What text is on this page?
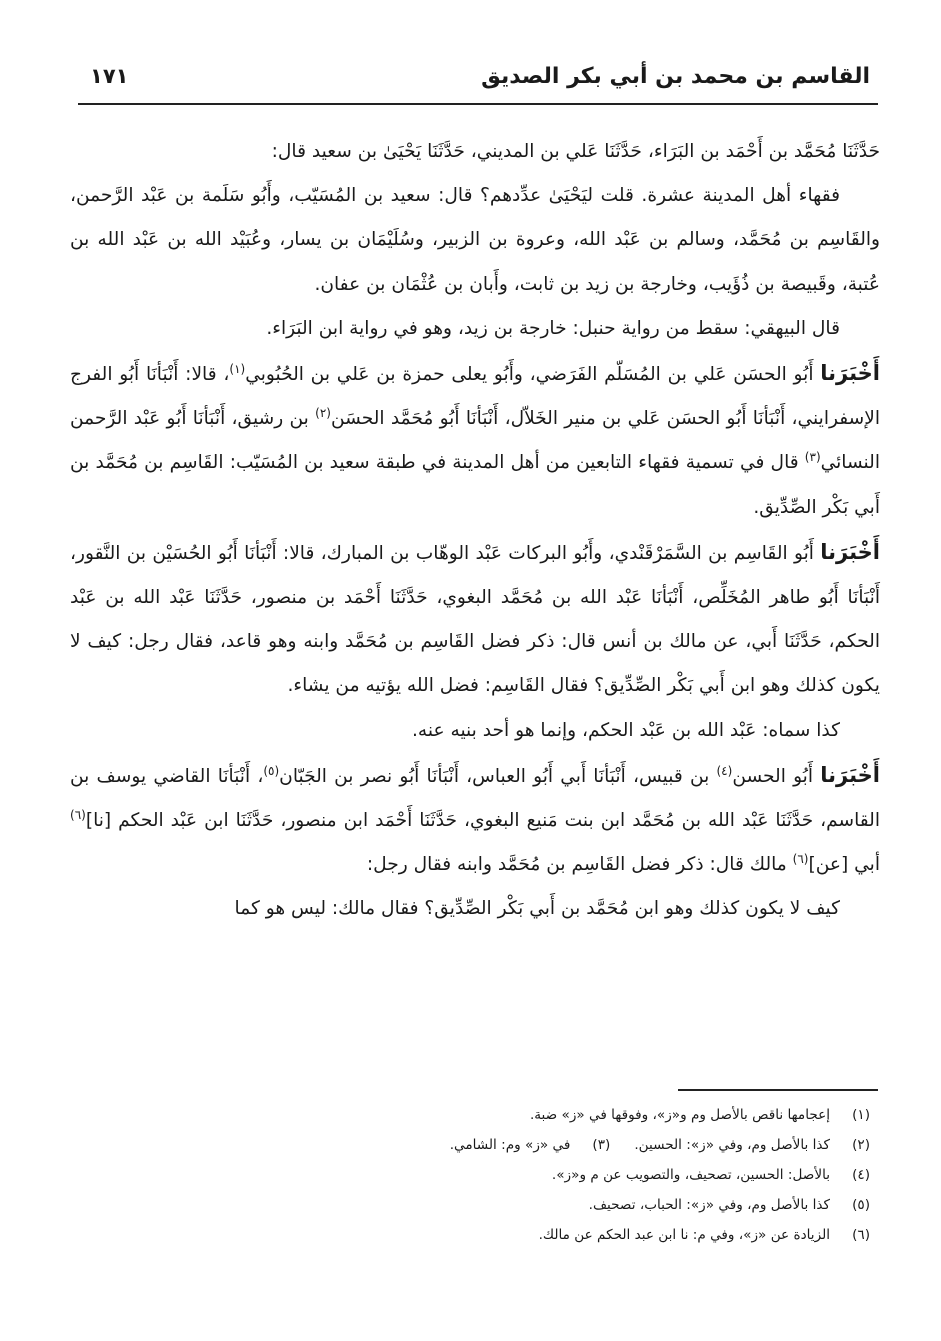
القاسم بن محمد بن أبي بكر الصديق
١٧١

حَدَّثَنَا مُحَمَّد بن أَحْمَد بن البَرَاء، حَدَّثَنَا عَلي بن المديني، حَدَّثَنَا يَحْيَىٰ بن سعيد قال:

فقهاء أهل المدينة عشرة. قلت ليَحْيَىٰ عدِّدهم؟ قال: سعيد بن المُسَيّب، وأَبُو سَلَمة بن عَبْد الرَّحمن، والقَاسِم بن مُحَمَّد، وسالم بن عَبْد الله، وعروة بن الزبير، وسُلَيْمَان بن يسار، وعُبَيْد الله بن عَبْد الله بن عُتبة، وقَبيصة بن ذُؤَيب، وخارجة بن زيد بن ثابت، وأَبان بن عُثْمَان بن عفان.

قال البيهقي: سقط من رواية حنبل: خارجة بن زيد، وهو في رواية ابن البَرَاء.

أَخْبَرَنا أَبُو الحسَن عَلي بن المُسَلّم الفَرَضي، وأَبُو يعلى حمزة بن عَلي بن الحُبُوبي$^{(١)}$، قالا: أَنْبَأنَا أَبُو الفرج الإسفرايني، أَنْبَأنَا أَبُو الحسَن عَلي بن منير الخَلاّل، أَنْبَأنَا أَبُو مُحَمَّد الحسَن$^{(٢)}$ بن رشيق، أَنْبَأنَا أَبُو عَبْد الرَّحمن النسائي$^{(٣)}$ قال في تسمية فقهاء التابعين من أهل المدينة في طبقة سعيد بن المُسَيّب: القَاسِم بن مُحَمَّد بن أَبي بَكْر الصِّدِّيق.

أَخْبَرَنا أَبُو القَاسِم بن السَّمَرْقَنْدي، وأَبُو البركات عَبْد الوهّاب بن المبارك، قالا: أَنْبَأنَا أَبُو الحُسَيْن بن النَّقور، أَنْبَأنَا أَبُو طاهر المُخَلِّص، أَنْبَأنَا عَبْد الله بن مُحَمَّد البغوي، حَدَّثَنَا أَحْمَد بن منصور، حَدَّثَنَا عَبْد الله بن عَبْد الحكم، حَدَّثَنَا أَبي، عن مالك بن أنس قال: ذكر فضل القَاسِم بن مُحَمَّد وابنه وهو قاعد، فقال رجل: كيف لا يكون كذلك وهو ابن أَبي بَكْر الصِّدِّيق؟ فقال القَاسِم: فضل الله يؤتيه من يشاء.

كذا سماه: عَبْد الله بن عَبْد الحكم، وإنما هو أحد بنيه عنه.

أَخْبَرَنا أَبُو الحسن$^{(٤)}$ بن قبيس، أَنْبَأنَا أَبي أَبُو العباس، أَنْبَأنَا أَبُو نصر بن الجَبّان$^{(٥)}$، أَنْبَأنَا القاضي يوسف بن القاسم، حَدَّثَنَا عَبْد الله بن مُحَمَّد ابن بنت مَنيع البغوي، حَدَّثَنَا أَحْمَد ابن منصور، حَدَّثَنَا ابن عَبْد الحكم [نا]$^{(٦)}$ أبي [عن]$^{(٦)}$ مالك قال: ذكر فضل القَاسِم بن مُحَمَّد وابنه فقال رجل:

كيف لا يكون كذلك وهو ابن مُحَمَّد بن أَبي بَكْر الصِّدِّيق؟ فقال مالك: ليس هو كما

(١)إعجامها ناقص بالأصل وم و«ز»، وفوقها في «ز» ضبة.

(٢)كذا بالأصل وم، وفي «ز»: الحسين.(٣)في «ز» وم: الشامي.

(٤)بالأصل: الحسين، تصحيف، والتصويب عن م و«ز».

(٥)كذا بالأصل وم، وفي «ز»: الحباب، تصحيف.

(٦)الزيادة عن «ز»، وفي م: نا ابن عبد الحكم عن مالك.
